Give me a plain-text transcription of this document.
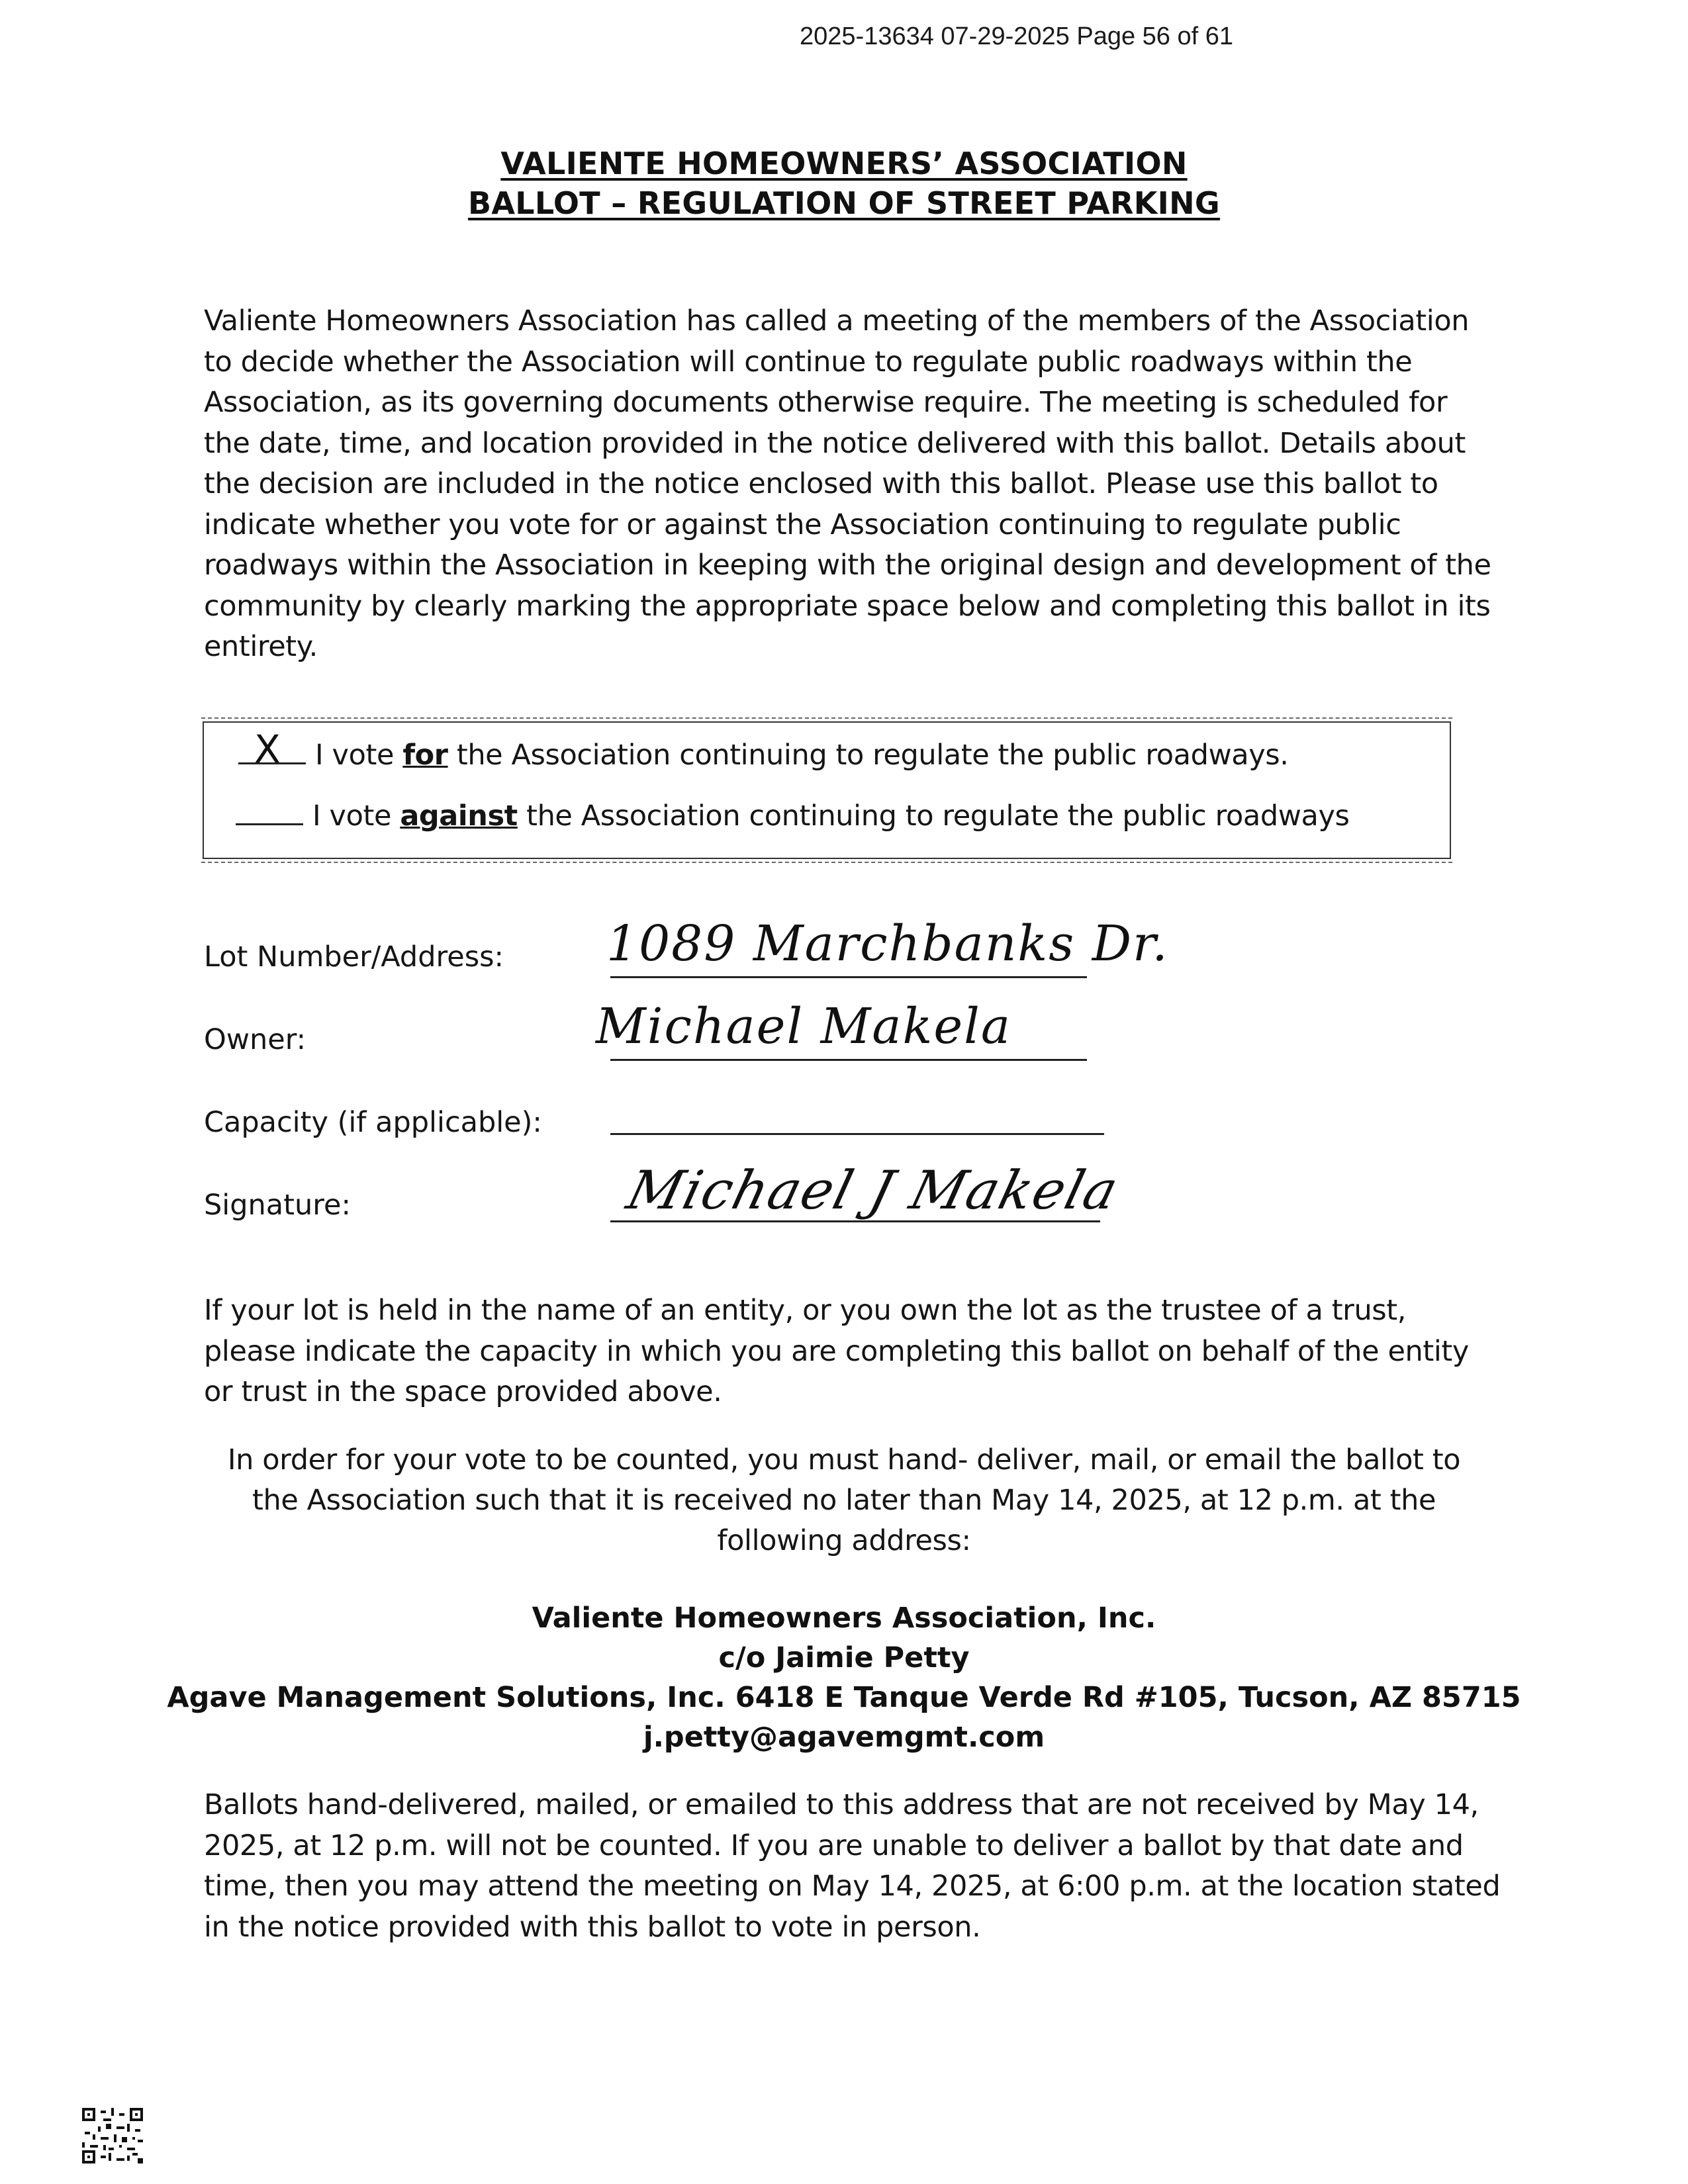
2025-13634 07-29-2025 Page 56 of 61
VALIENTE HOMEOWNERS’ ASSOCIATION
BALLOT – REGULATION OF STREET PARKING
Valiente Homeowners Association has called a meeting of the members of the Association to decide whether the Association will continue to regulate public roadways within the Association, as its governing documents otherwise require. The meeting is scheduled for the date, time, and location provided in the notice delivered with this ballot. Details about the decision are included in the notice enclosed with this ballot. Please use this ballot to indicate whether you vote for or against the Association continuing to regulate public roadways within the Association in keeping with the original design and development of the community by clearly marking the appropriate space below and completing this ballot in its entirety.
X I vote for the Association continuing to regulate the public roadways.
I vote against the Association continuing to regulate the public roadways
Lot Number/Address: 1089 Marchbanks Dr.
Owner:	Michael Makela
Capacity (if applicable):
Signature:	Michael J Makela
If your lot is held in the name of an entity, or you own the lot as the trustee of a trust, please indicate the capacity in which you are completing this ballot on behalf of the entity or trust in the space provided above.
In order for your vote to be counted, you must hand- deliver, mail, or email the ballot to
the Association such that it is received no later than May 14, 2025, at 12 p.m. at the
following address:
Valiente Homeowners Association, Inc.
c/o Jaimie Petty
Agave Management Solutions, Inc. 6418 E Tanque Verde Rd #105, Tucson, AZ 85715
j.petty@agavemgmt.com
Ballots hand-delivered, mailed, or emailed to this address that are not received by May 14, 2025, at 12 p.m. will not be counted. If you are unable to deliver a ballot by that date and time, then you may attend the meeting on May 14, 2025, at 6:00 p.m. at the location stated in the notice provided with this ballot to vote in person.
